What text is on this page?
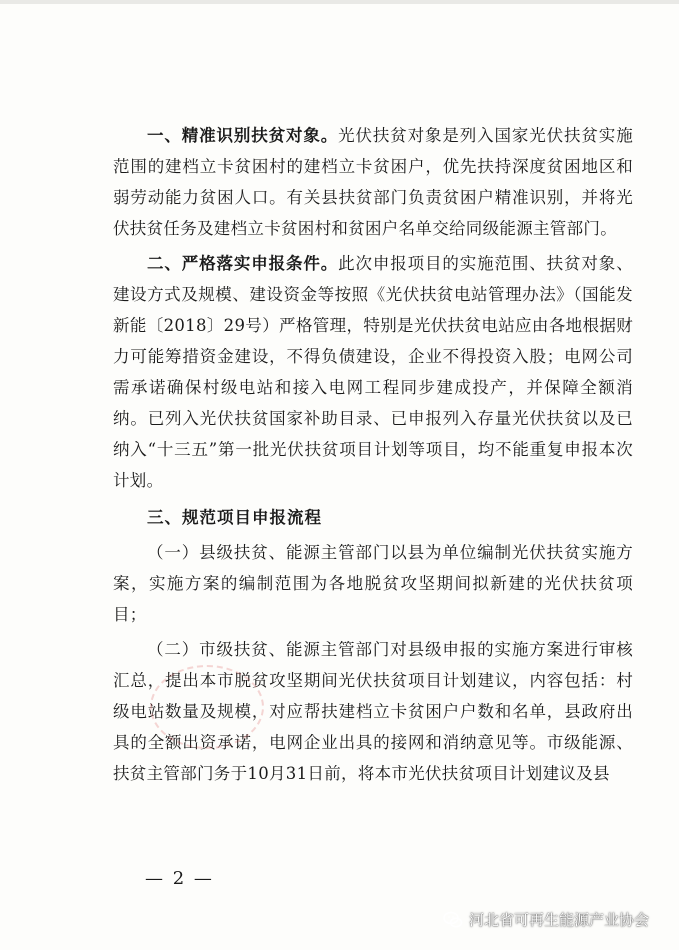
一、精准识别扶贫对象。光伏扶贫对象是列入国家光伏扶贫实施范围的建档立卡贫困村的建档立卡贫困户，优先扶持深度贫困地区和弱劳动能力贫困人口。有关县扶贫部门负责贫困户精准识别，并将光伏扶贫任务及建档立卡贫困村和贫困户名单交给同级能源主管部门。

二、严格落实申报条件。此次申报项目的实施范围、扶贫对象、建设方式及规模、建设资金等按照《光伏扶贫电站管理办法》（国能发新能〔2018〕29号）严格管理，特别是光伏扶贫电站应由各地根据财力可能筹措资金建设，不得负债建设，企业不得投资入股；电网公司需承诺确保村级电站和接入电网工程同步建成投产，并保障全额消纳。已列入光伏扶贫国家补助目录、已申报列入存量光伏扶贫以及已纳入“十三五”第一批光伏扶贫项目计划等项目，均不能重复申报本次计划。

三、规范项目申报流程

（一）县级扶贫、能源主管部门以县为单位编制光伏扶贫实施方案，实施方案的编制范围为各地脱贫攻坚期间拟新建的光伏扶贫项目；

（二）市级扶贫、能源主管部门对县级申报的实施方案进行审核汇总，提出本市脱贫攻坚期间光伏扶贫项目计划建议，内容包括：村级电站数量及规模，对应帮扶建档立卡贫困户户数和名单，县政府出具的全额出资承诺，电网企业出具的接网和消纳意见等。市级能源、扶贫主管部门务于10月31日前，将本市光伏扶贫项目计划建议及县

— 2 —
河北省可再生能源产业协会
